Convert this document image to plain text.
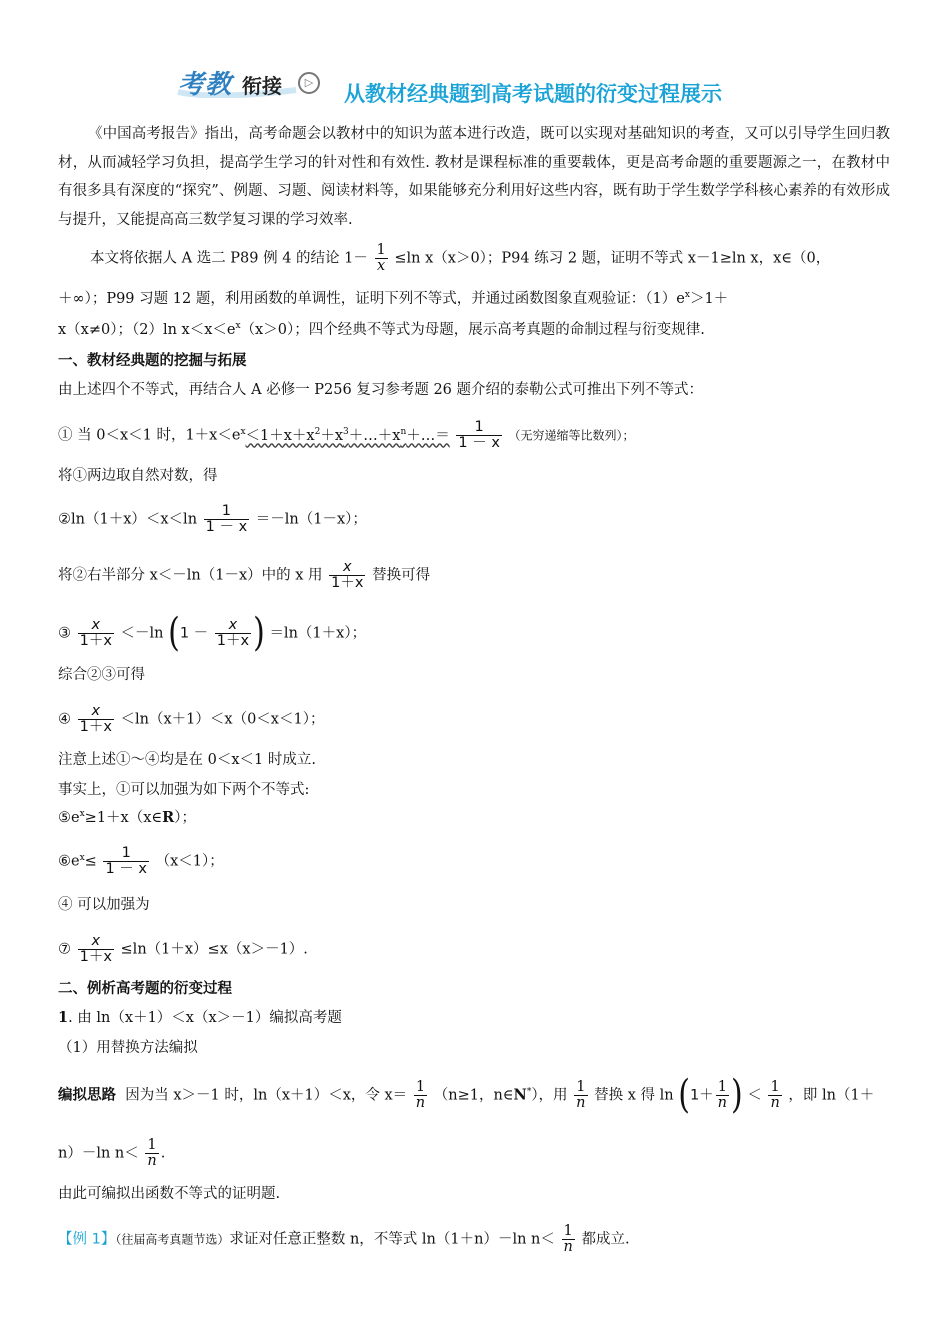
考教 衔接	▷	从教材经典题到高考试题的衍变过程展示
《中国高考报告》指出，高考命题会以教材中的知识为蓝本进行改造，既可以实现对基础知识的考查，又可以引导学生回归教材，从而减轻学习负担，提高学生学习的针对性和有效性. 教材是课程标准的重要载体，更是高考命题的重要题源之一，在教材中有很多具有深度的“探究”、例题、习题、阅读材料等，如果能够充分利用好这些内容，既有助于学生数学学科核心素养的有效形成与提升，又能提高高三数学复习课的学习效率.
本文将依据人 A 选二 P89 例 4 的结论 $1- \frac{1}{x} \le\ln$ x（x＞0）；P94 练习 2 题，证明不等式 x－1≥ln x，x∈（0，
＋∞）；P99 习题 12 题，利用函数的单调性，证明下列不等式，并通过函数图象直观验证：$(1)e^x>1+$
x（x≠0）；（2）ln $x<x<e^x(x>0)$；四个经典不等式为母题，展示高考真题的命制过程与衍变规律.
一、教材经典题的挖掘与拓展
由上述四个不等式，再结合人 A 必修一 P256 复习参考题 26 题介绍的泰勒公式可推出下列不等式：
① 当 0＜x＜1 时，$1+x<e^x<1+x+x^2+x^3+\dots+x^n+\dots= \frac{1}{1 - x}$ （无穷递缩等比数列）；
将①两边取自然对数，得
②ln（1＋x）＜x＜ln $\frac{1}{1 - x} =-\ln(1-x)$；
将②右半部分 x＜－ln（1－x）中的 x 用 $\frac{x}{1+x}$ 替换可得
③ $\frac{x}{1+x} <-\ln$ ($1 - \frac{x}{1+x}$ ) ＝ln（1＋x）；
综合②③可得
④ $\frac{x}{1+x} <\ln(x+1)<x(0<x<1)$；
注意上述①～④均是在 0＜x＜1 时成立.
事实上，①可以加强为如下两个不等式:
$⑤e^x\ge 1+x(x\in R)$；
$⑥e^x\le \frac{1}{1 - x} (x<1)$；
④ 可以加强为
⑦ $\frac{x}{1+x} \le\ln(1+x)\le x(x>-1)$.
二、例析高考题的衍变过程
1. 由 ln（x＋1）＜x（x＞－1）编拟高考题
（1）用替换方法编拟
编拟思路 因为当 x＞－1 时，ln（x＋1）＜x，令 $x= \frac{1}{n} (n\ge 1$，n∈N*），用 $\frac{1}{n}$ 替换 x 得 $\ln (1+ \frac{1}{n}$ ) ＜ $\frac{1}{n}$ ，即 ln（1＋
n）－ln $n< \frac{1}{n}$ .
由此可编拟出函数不等式的证明题.
【例 1】（往届高考真题节选）求证对任意正整数 n，不等式 ln（1＋n）－ln $n< \frac{1}{n}$ 都成立.
